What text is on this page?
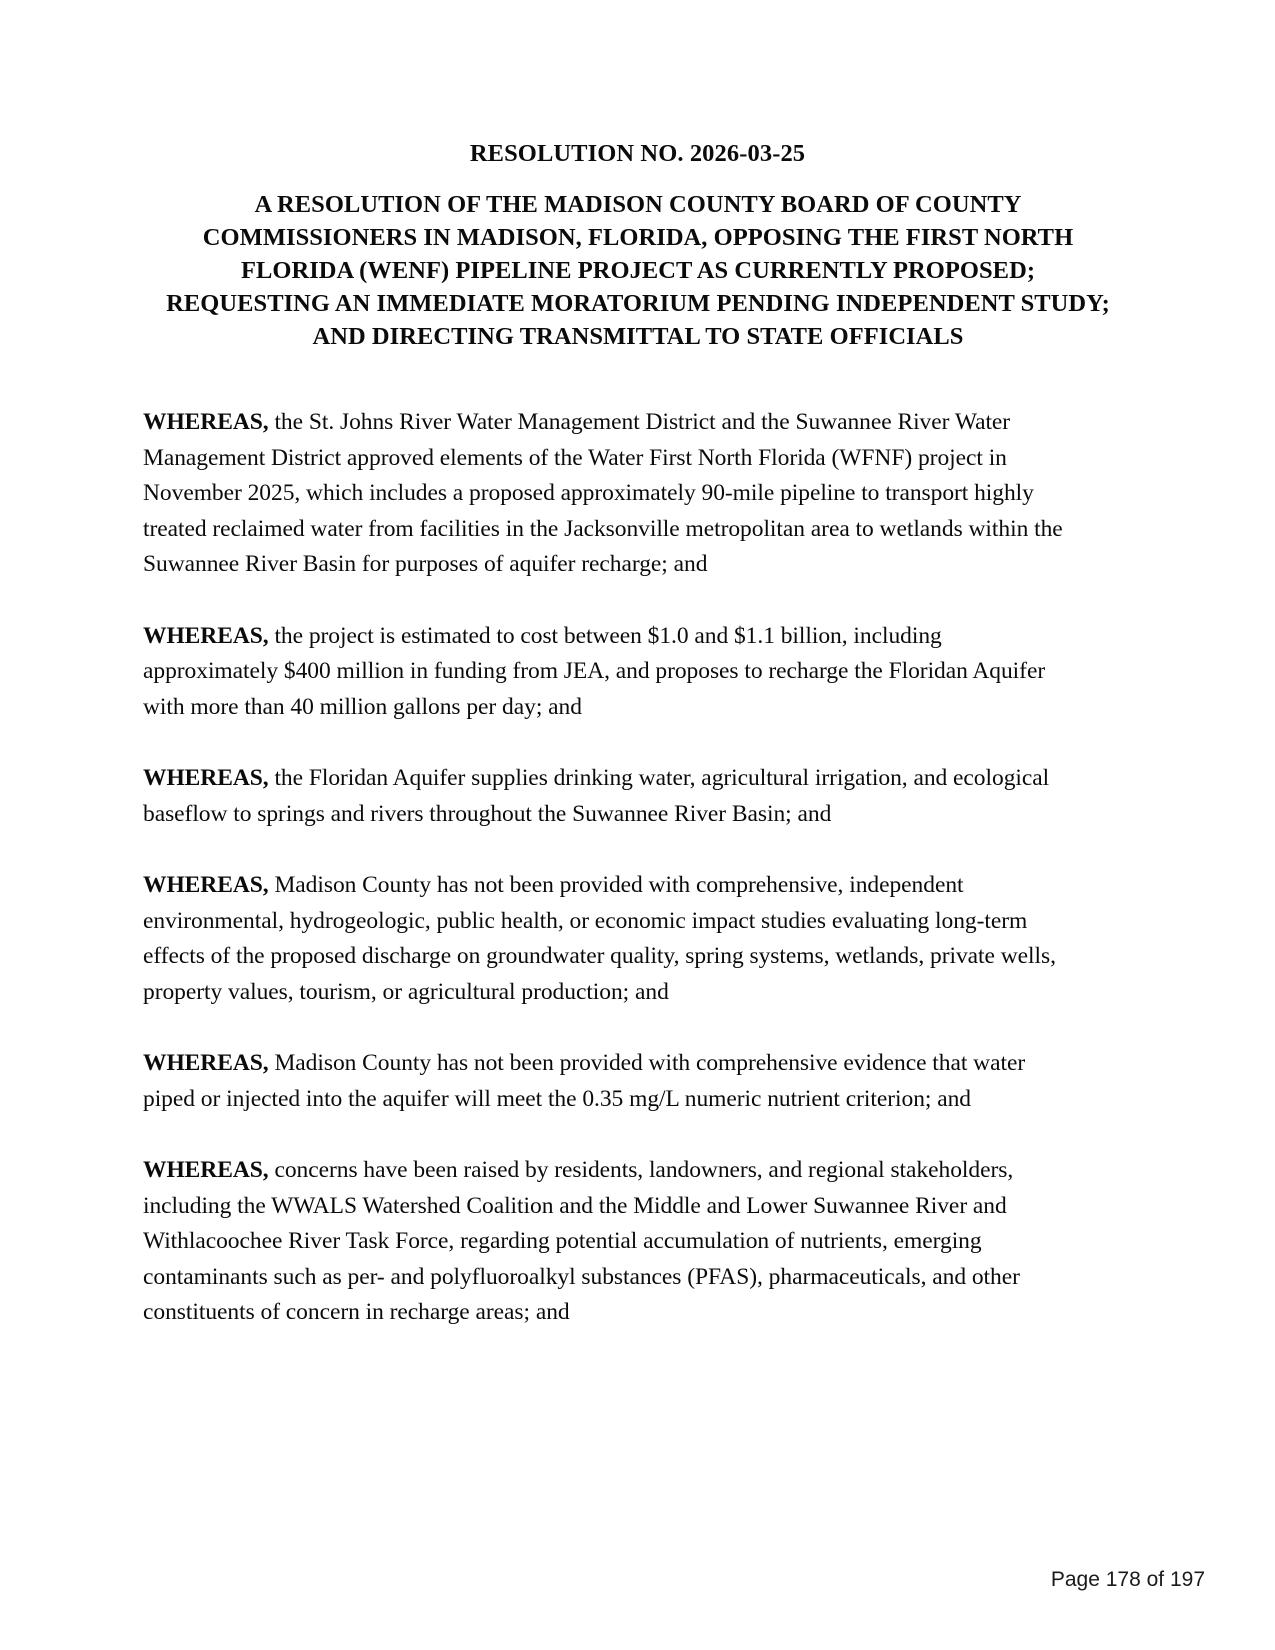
RESOLUTION NO. 2026-03-25
A RESOLUTION OF THE MADISON COUNTY BOARD OF COUNTY
COMMISSIONERS IN MADISON, FLORIDA, OPPOSING THE FIRST NORTH
FLORIDA (WENF) PIPELINE PROJECT AS CURRENTLY PROPOSED;
REQUESTING AN IMMEDIATE MORATORIUM PENDING INDEPENDENT STUDY;
AND DIRECTING TRANSMITTAL TO STATE OFFICIALS

WHEREAS, the St. Johns River Water Management District and the Suwannee River Water Management District approved elements of the Water First North Florida (WFNF) project in November 2025, which includes a proposed approximately 90-mile pipeline to transport highly treated reclaimed water from facilities in the Jacksonville metropolitan area to wetlands within the Suwannee River Basin for purposes of aquifer recharge; and

WHEREAS, the project is estimated to cost between $1.0 and $1.1 billion, including approximately $400 million in funding from JEA, and proposes to recharge the Floridan Aquifer with more than 40 million gallons per day; and

WHEREAS, the Floridan Aquifer supplies drinking water, agricultural irrigation, and ecological baseflow to springs and rivers throughout the Suwannee River Basin; and

WHEREAS, Madison County has not been provided with comprehensive, independent environmental, hydrogeologic, public health, or economic impact studies evaluating long-term effects of the proposed discharge on groundwater quality, spring systems, wetlands, private wells, property values, tourism, or agricultural production; and

WHEREAS, Madison County has not been provided with comprehensive evidence that water piped or injected into the aquifer will meet the 0.35 mg/L numeric nutrient criterion; and

WHEREAS, concerns have been raised by residents, landowners, and regional stakeholders, including the WWALS Watershed Coalition and the Middle and Lower Suwannee River and Withlacoochee River Task Force, regarding potential accumulation of nutrients, emerging contaminants such as per- and polyfluoroalkyl substances (PFAS), pharmaceuticals, and other constituents of concern in recharge areas; and

Page 178 of 197
